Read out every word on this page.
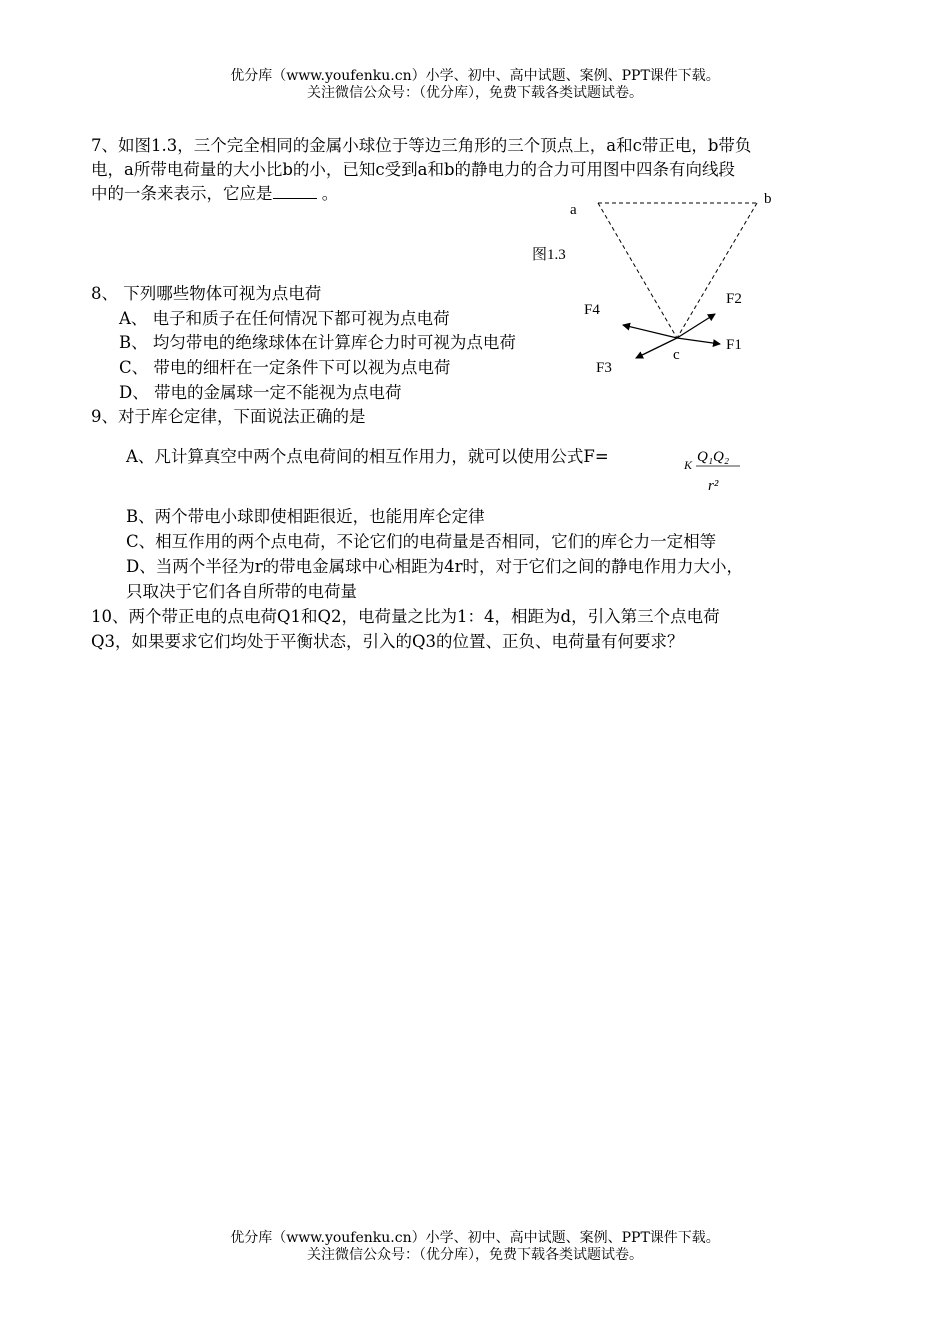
优分库（www.youfenku.cn）小学、初中、高中试题、案例、PPT课件下载。
关注微信公众号：（优分库），免费下载各类试题试卷。
7、如图1.3，三个完全相同的金属小球位于等边三角形的三个顶点上，a和c带正电，b带负
电，a所带电荷量的大小比b的小，已知c受到a和b的静电力的合力可用图中四条有向线段
中的一条来表示，它应是	。
a
b
c
图1.3
F1
F2
F3
F4
8、 下列哪些物体可视为点电荷
A、 电子和质子在任何情况下都可视为点电荷
B、 均匀带电的绝缘球体在计算库仑力时可视为点电荷
C、 带电的细杆在一定条件下可以视为点电荷
D、 带电的金属球一定不能视为点电荷
9、对于库仑定律，下面说法正确的是
A、凡计算真空中两个点电荷间的相互作用力，就可以使用公式F=	K Q₁Q₂
r²
B、两个带电小球即使相距很近，也能用库仑定律
C、相互作用的两个点电荷，不论它们的电荷量是否相同，它们的库仑力一定相等
D、当两个半径为r的带电金属球中心相距为4r时，对于它们之间的静电作用力大小，
只取决于它们各自所带的电荷量
10、两个带正电的点电荷Q1和Q2，电荷量之比为1：4，相距为d，引入第三个点电荷
Q3，如果要求它们均处于平衡状态，引入的Q3的位置、正负、电荷量有何要求？
优分库（www.youfenku.cn）小学、初中、高中试题、案例、PPT课件下载。
关注微信公众号：（优分库），免费下载各类试题试卷。
